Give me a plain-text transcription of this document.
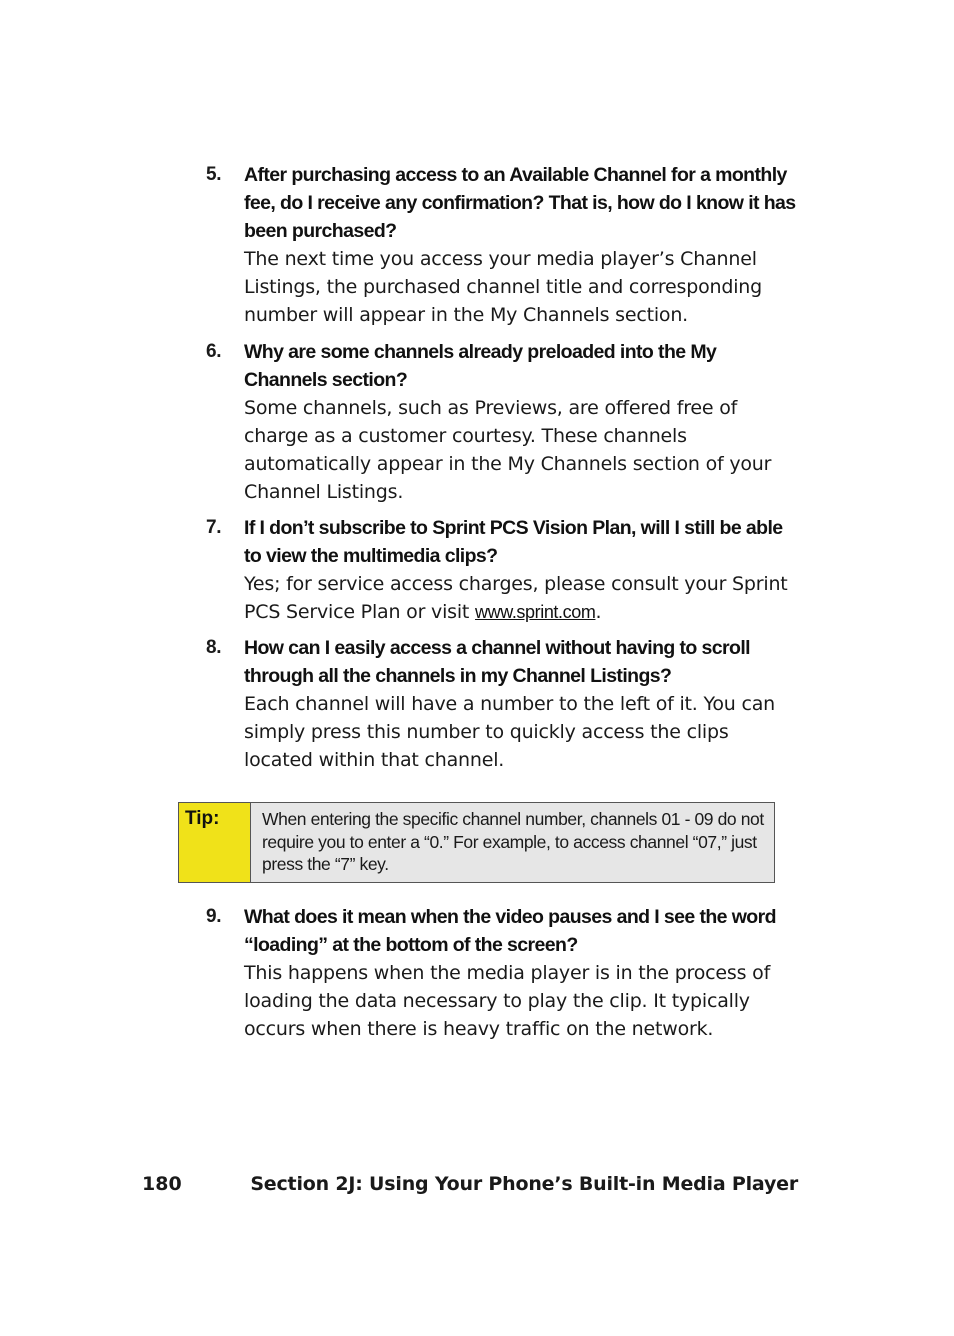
5.	After purchasing access to an Available Channel for a monthly fee, do I receive any confirmation? That is, how do I know it has been purchased?
The next time you access your media player’s Channel Listings, the purchased channel title and corresponding number will appear in the My Channels section.
6.	Why are some channels already preloaded into the My Channels section?
Some channels, such as Previews, are offered free of charge as a customer courtesy. These channels automatically appear in the My Channels section of your Channel Listings.
7.	If I don’t subscribe to Sprint PCS Vision Plan, will I still be able to view the multimedia clips?
Yes; for service access charges, please consult your Sprint PCS Service Plan or visit www.sprint.com.
8.	How can I easily access a channel without having to scroll through all the channels in my Channel Listings?
Each channel will have a number to the left of it. You can simply press this number to quickly access the clips located within that channel.
Tip:	When entering the specific channel number, channels 01 - 09 do not require you to enter a “0.” For example, to access channel “07,” just press the “7” key.
9.	What does it mean when the video pauses and I see the word “loading” at the bottom of the screen?
This happens when the media player is in the process of loading the data necessary to play the clip. It typically occurs when there is heavy traffic on the network.
180	Section 2J: Using Your Phone’s Built-in Media Player
